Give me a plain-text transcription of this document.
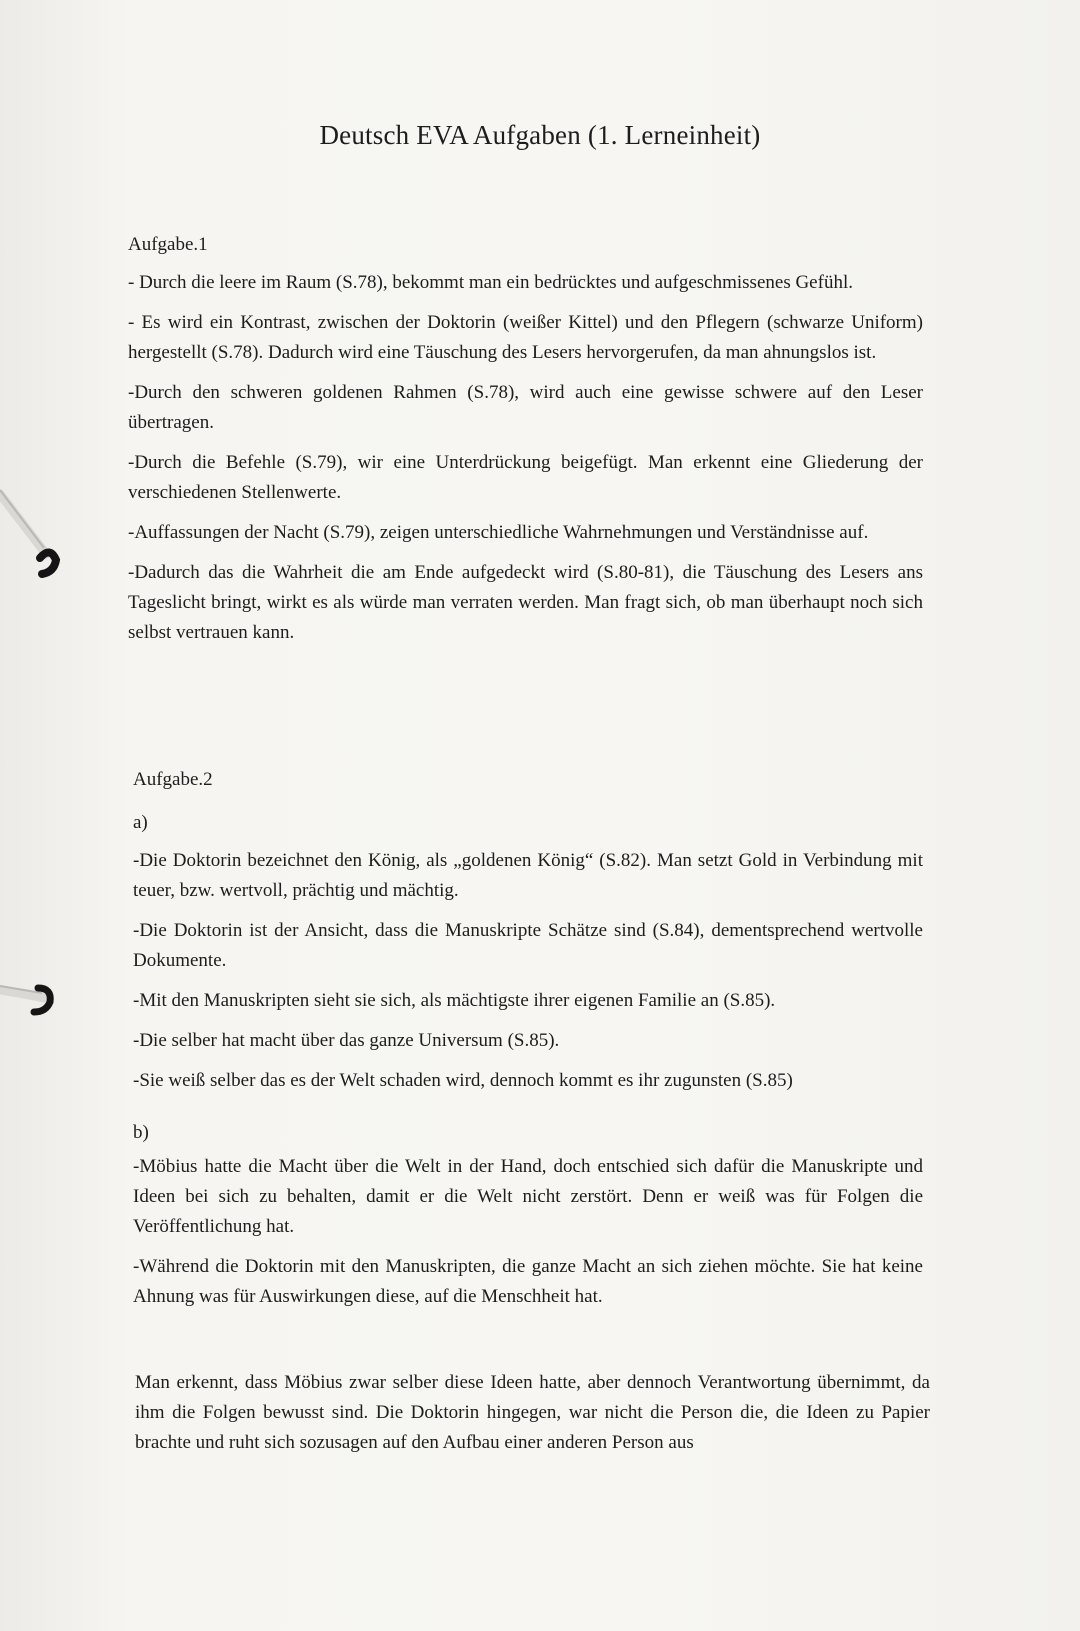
Deutsch EVA Aufgaben (1. Lerneinheit)
Aufgabe.1

- Durch die leere im Raum (S.78), bekommt man ein bedrücktes und aufgeschmissenes Gefühl.

- Es wird ein Kontrast, zwischen der Doktorin (weißer Kittel) und den Pflegern (schwarze Uniform) hergestellt (S.78). Dadurch wird eine Täuschung des Lesers hervorgerufen, da man ahnungslos ist.

-Durch den schweren goldenen Rahmen (S.78), wird auch eine gewisse schwere auf den Leser übertragen.

-Durch die Befehle (S.79), wir eine Unterdrückung beigefügt. Man erkennt eine Gliederung der verschiedenen Stellenwerte.

-Auffassungen der Nacht (S.79), zeigen unterschiedliche Wahrnehmungen und Verständnisse auf.

-Dadurch das die Wahrheit die am Ende aufgedeckt wird (S.80-81), die Täuschung des Lesers ans Tageslicht bringt, wirkt es als würde man verraten werden. Man fragt sich, ob man überhaupt noch sich selbst vertrauen kann.

Aufgabe.2
a)

-Die Doktorin bezeichnet den König, als „goldenen König“ (S.82). Man setzt Gold in Verbindung mit teuer, bzw. wertvoll, prächtig und mächtig.

-Die Doktorin ist der Ansicht, dass die Manuskripte Schätze sind (S.84), dementsprechend wertvolle Dokumente.

-Mit den Manuskripten sieht sie sich, als mächtigste ihrer eigenen Familie an (S.85).

-Die selber hat macht über das ganze Universum (S.85).

-Sie weiß selber das es der Welt schaden wird, dennoch kommt es ihr zugunsten (S.85)

b)

-Möbius hatte die Macht über die Welt in der Hand, doch entschied sich dafür die Manuskripte und Ideen bei sich zu behalten, damit er die Welt nicht zerstört. Denn er weiß was für Folgen die Veröffentlichung hat.

-Während die Doktorin mit den Manuskripten, die ganze Macht an sich ziehen möchte. Sie hat keine Ahnung was für Auswirkungen diese, auf die Menschheit hat.

Man erkennt, dass Möbius zwar selber diese Ideen hatte, aber dennoch Verantwortung übernimmt, da ihm die Folgen bewusst sind. Die Doktorin hingegen, war nicht die Person die, die Ideen zu Papier brachte und ruht sich sozusagen auf den Aufbau einer anderen Person aus
